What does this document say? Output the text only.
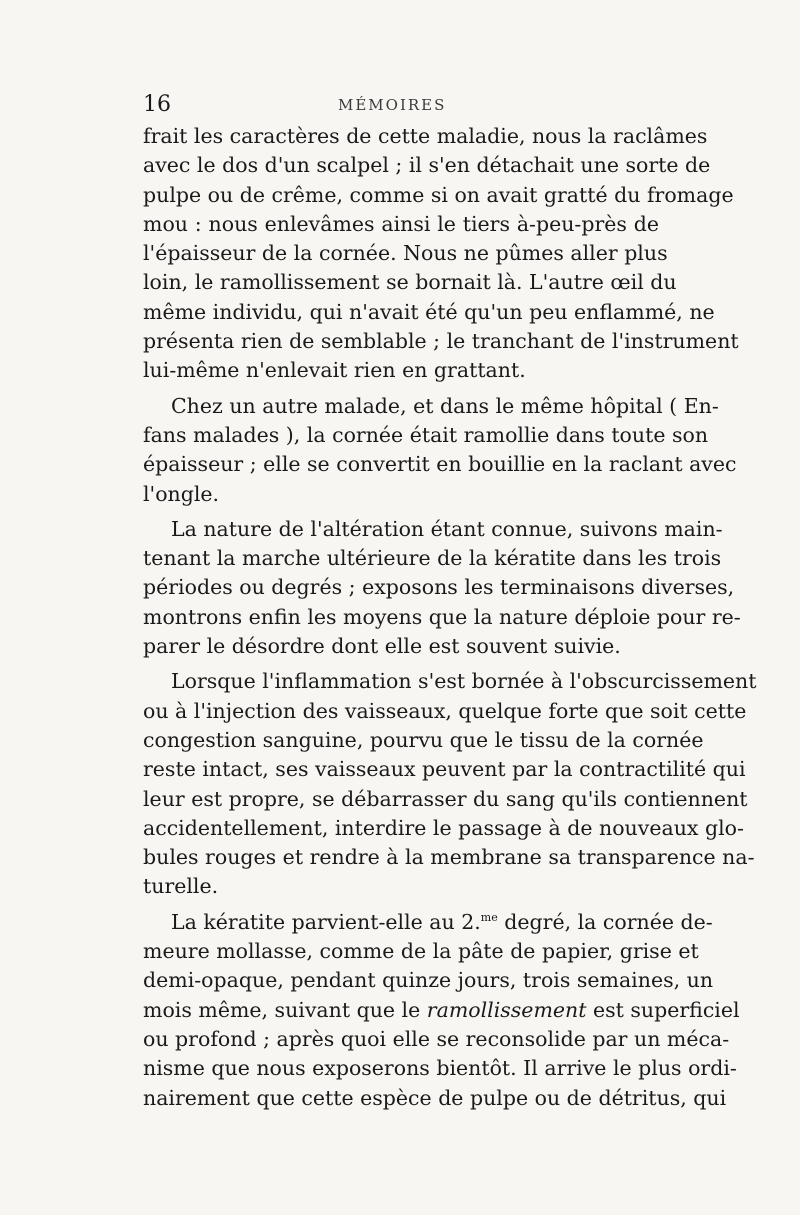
16	MÉMOIRES
frait les caractères de cette maladie, nous la raclâmes
avec le dos d'un scalpel ; il s'en détachait une sorte de
pulpe ou de crême, comme si on avait gratté du fromage
mou : nous enlevâmes ainsi le tiers à-peu-près de
l'épaisseur de la cornée. Nous ne pûmes aller plus
loin, le ramollissement se bornait là. L'autre œil du
même individu, qui n'avait été qu'un peu enflammé, ne
présenta rien de semblable ; le tranchant de l'instrument
lui-même n'enlevait rien en grattant.
Chez un autre malade, et dans le même hôpital ( En-
fans malades ), la cornée était ramollie dans toute son
épaisseur ; elle se convertit en bouillie en la raclant avec
l'ongle.
La nature de l'altération étant connue, suivons main-
tenant la marche ultérieure de la kératite dans les trois
périodes ou degrés ; exposons les terminaisons diverses,
montrons enfin les moyens que la nature déploie pour re-
parer le désordre dont elle est souvent suivie.
Lorsque l'inflammation s'est bornée à l'obscurcissement
ou à l'injection des vaisseaux, quelque forte que soit cette
congestion sanguine, pourvu que le tissu de la cornée
reste intact, ses vaisseaux peuvent par la contractilité qui
leur est propre, se débarrasser du sang qu'ils contiennent
accidentellement, interdire le passage à de nouveaux glo-
bules rouges et rendre à la membrane sa transparence na-
turelle.
La kératite parvient-elle au 2.$^{me}$ degré, la cornée de-
meure mollasse, comme de la pâte de papier, grise et
demi-opaque, pendant quinze jours, trois semaines, un
mois même, suivant que le ramollissement est superficiel
ou profond ; après quoi elle se reconsolide par un méca-
nisme que nous exposerons bientôt. Il arrive le plus ordi-
nairement que cette espèce de pulpe ou de détritus, qui
